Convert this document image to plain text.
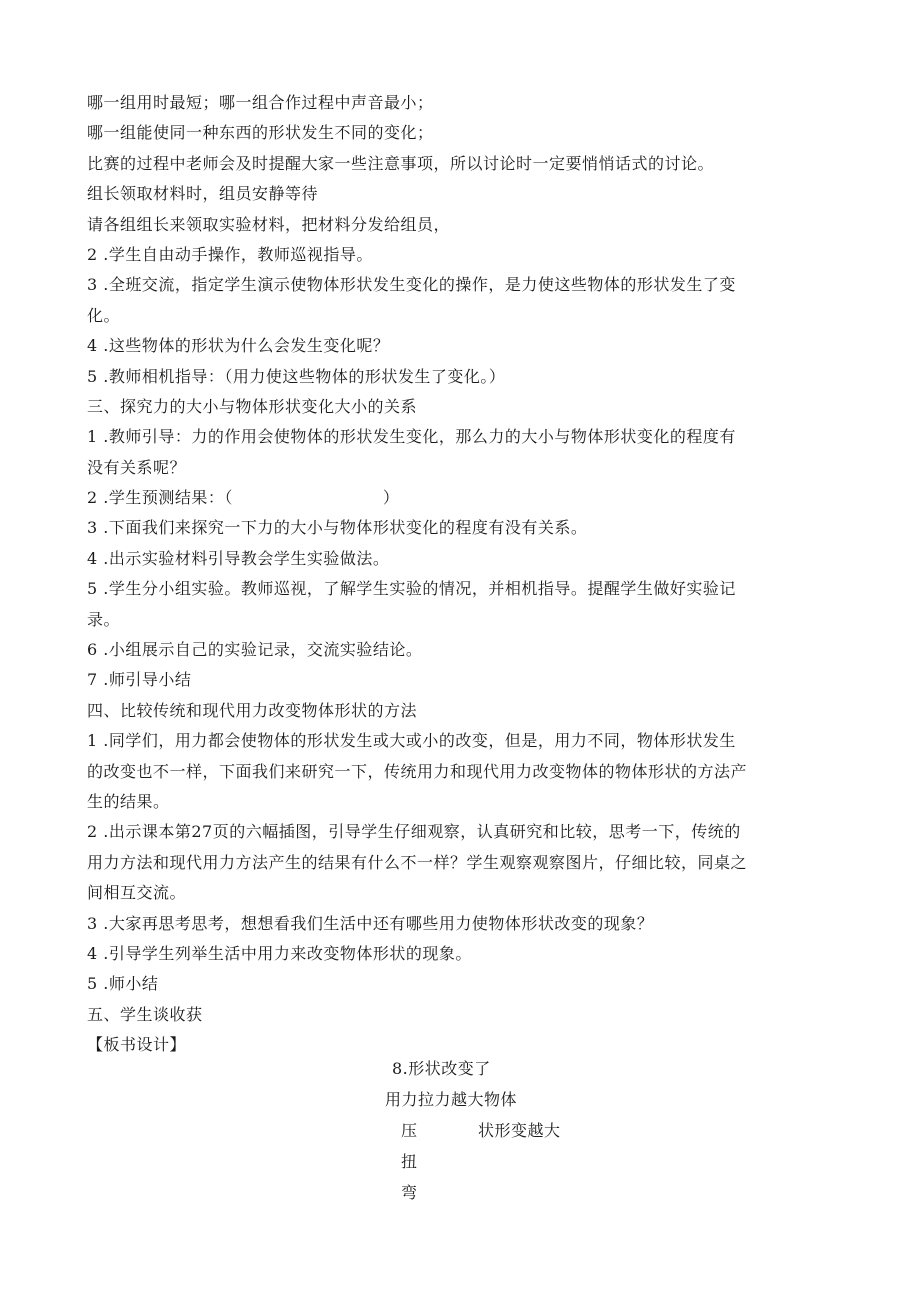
哪一组用时最短；哪一组合作过程中声音最小；
哪一组能使同一种东西的形状发生不同的变化；
比赛的过程中老师会及时提醒大家一些注意事项，所以讨论时一定要悄悄话式的讨论。
组长领取材料时，组员安静等待
请各组组长来领取实验材料，把材料分发给组员，
2 .学生自由动手操作，教师巡视指导。
3 .全班交流，指定学生演示使物体形状发生变化的操作，是力使这些物体的形状发生了变
化。
4 .这些物体的形状为什么会发生变化呢？
5 .教师相机指导：（用力使这些物体的形状发生了变化。）
三、探究力的大小与物体形状变化大小的关系
1 .教师引导：力的作用会使物体的形状发生变化，那么力的大小与物体形状变化的程度有
没有关系呢？
2 .学生预测结果：（	）
3 .下面我们来探究一下力的大小与物体形状变化的程度有没有关系。
4 .出示实验材料引导教会学生实验做法。
5 .学生分小组实验。教师巡视，了解学生实验的情况，并相机指导。提醒学生做好实验记
录。
6 .小组展示自己的实验记录，交流实验结论。
7 .师引导小结
四、比较传统和现代用力改变物体形状的方法
1 .同学们，用力都会使物体的形状发生或大或小的改变，但是，用力不同，物体形状发生
的改变也不一样，下面我们来研究一下，传统用力和现代用力改变物体的物体形状的方法产
生的结果。
2 .出示课本第27页的六幅插图，引导学生仔细观察，认真研究和比较，思考一下，传统的
用力方法和现代用力方法产生的结果有什么不一样？学生观察观察图片，仔细比较，同桌之
间相互交流。
3 .大家再思考思考，想想看我们生活中还有哪些用力使物体形状改变的现象？
4 .引导学生列举生活中用力来改变物体形状的现象。
5 .师小结
五、学生谈收获
【板书设计】
8.形状改变了
用力拉力越大物体
压	状形变越大
扭
弯
